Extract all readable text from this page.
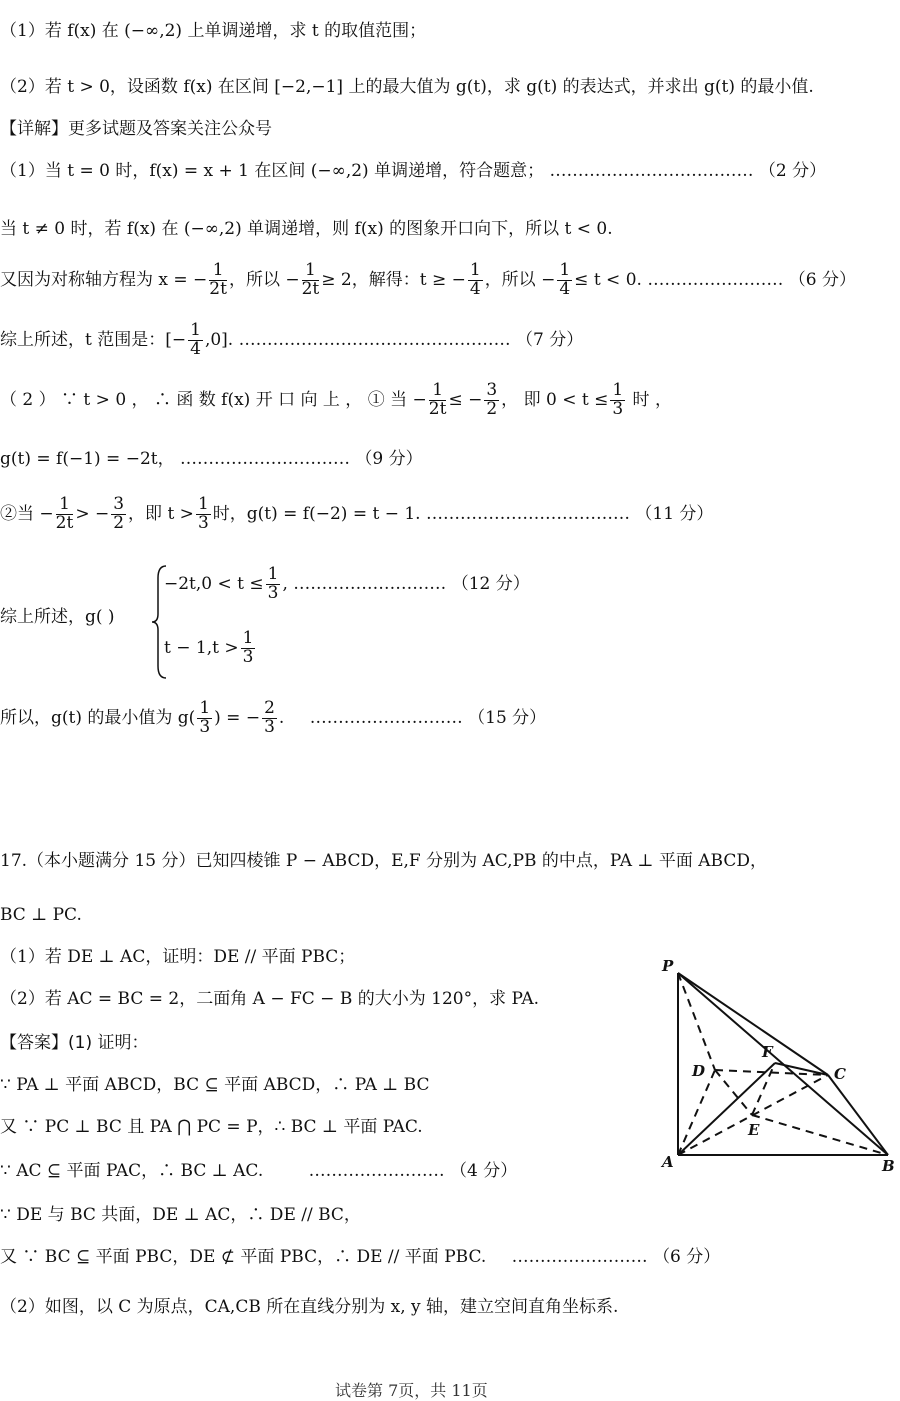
（1）若 f(x) 在 (−∞,2) 上单调递增，求 t 的取值范围；
（2）若 t > 0，设函数 f(x) 在区间 [−2,−1] 上的最大值为 g(t)，求 g(t) 的表达式，并求出 g(t) 的最小值.
【详解】更多试题及答案关注公众号
（1）当 t = 0 时，f(x) = x + 1 在区间 (−∞,2) 单调递增，符合题意； ……………………………… （2 分）
当 t ≠ 0 时，若 f(x) 在 (−∞,2) 单调递增，则 f(x) 的图象开口向下，所以 t < 0.
又因为对称轴方程为 x = − $\frac{1}{2t}$ ，所以 − $\frac{1}{2t} \ge 2$，解得：t ≥ − $\frac{1}{4}$ ，所以 − $\frac{1}{4} \le t < 0$. …………………… （6 分）
综上所述，t 范围是：[− $\frac{1}{4} ,0$]. ………………………………………… （7 分）
（ 2 ） ∵ t > 0 ， ∴ 函 数 f(x) 开 口 向 上 ， ① 当 − $\frac{1}{2t}$ ≤ − $\frac{3}{2}$ ， 即 $0 < t \le \frac{1}{3}$ 时 ，
g(t) = f(−1) = −2t， ………………………… （9 分）
②当 − $\frac{1}{2t}$ > − $\frac{3}{2}$ ，即 $t > \frac{1}{3}$ 时，g(t) = f(−2) = t − 1. ……………………………… （11 分）
综上所述，g( )
$-2t,0 < t \le \frac{1}{3}$ , ……………………… （12 分）
$t - 1,t > \frac{1}{3}$
所以，g(t) 的最小值为 $g( \frac{1}{3}$ ) = − $\frac{2}{3}$ . ……………………… （15 分）
17.（本小题满分 15 分）已知四棱锥 P − ABCD，E,F 分别为 AC,PB 的中点，PA ⊥ 平面 ABCD，
BC ⊥ PC.
（1）若 DE ⊥ AC，证明：DE // 平面 PBC；
（2）若 AC = BC = 2，二面角 A − FC − B 的大小为 120°，求 PA.
【答案】(1) 证明：
∵ PA ⊥ 平面 ABCD，BC ⊆ 平面 ABCD，∴ PA ⊥ BC
又 ∵ PC ⊥ BC 且 PA ⋂ PC = P，∴ BC ⊥ 平面 PAC.
∵ AC ⊆ 平面 PAC，∴ BC ⊥ AC.	…………………… （4 分）
∵ DE 与 BC 共面，DE ⊥ AC，∴ DE // BC，
又 ∵ BC ⊆ 平面 PBC，DE ⊄ 平面 PBC，∴ DE // 平面 PBC. …………………… （6 分）
（2）如图，以 C 为原点，CA,CB 所在直线分别为 x, y 轴，建立空间直角坐标系.
试卷第 7页，共 11页
P
D
F
C
E
A	B
